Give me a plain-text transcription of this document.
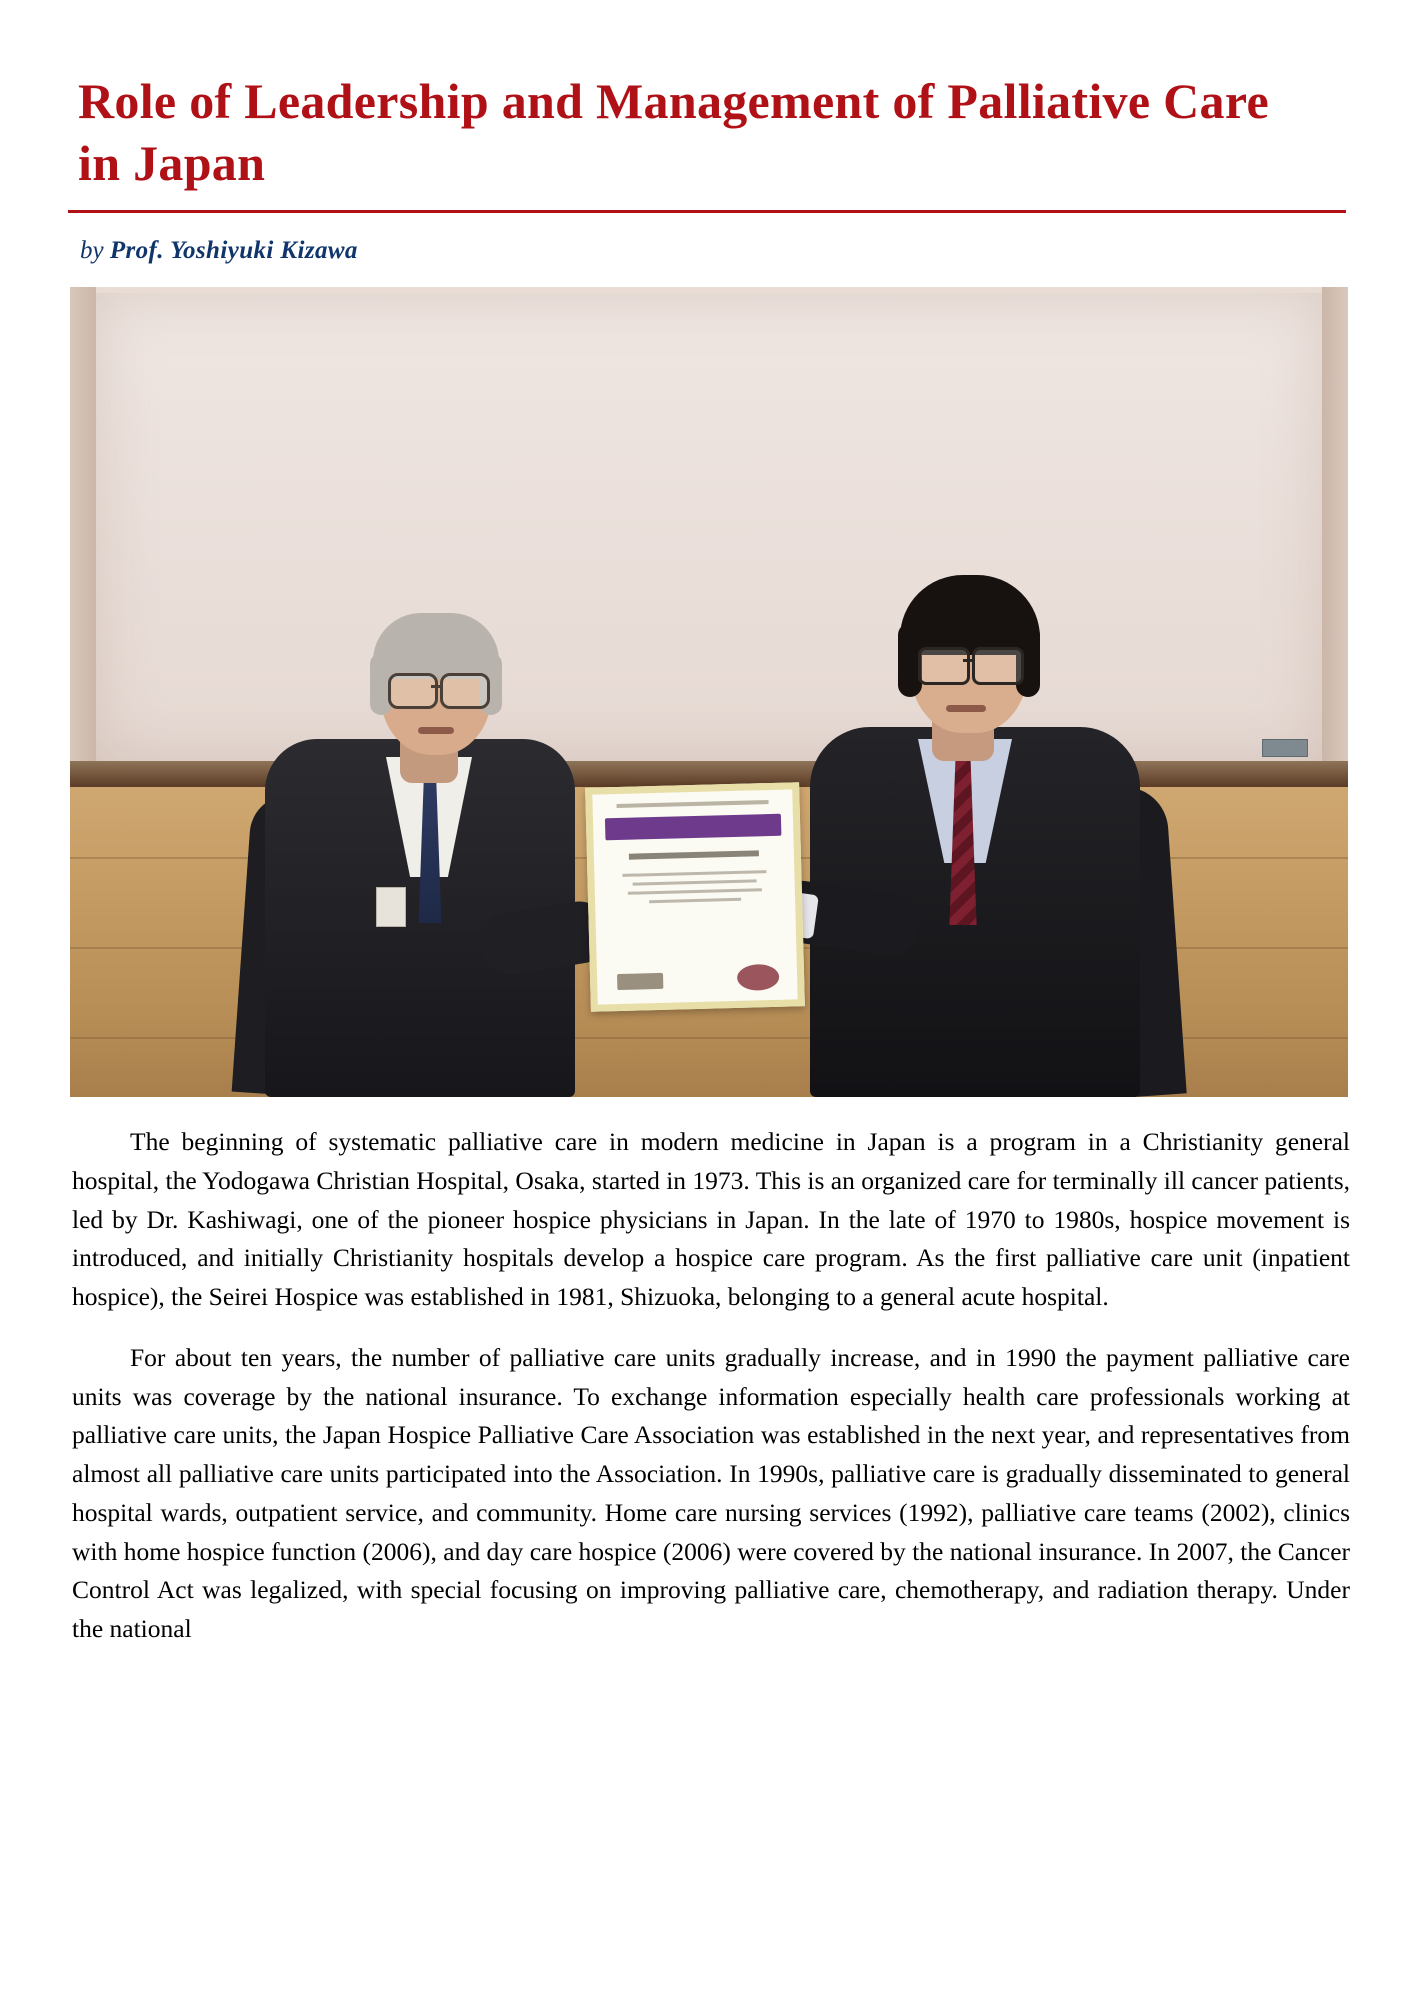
Role of Leadership and Management of Palliative Care in Japan
by Prof. Yoshiyuki Kizawa

The beginning of systematic palliative care in modern medicine in Japan is a program in a Christianity general hospital, the Yodogawa Christian Hospital, Osaka, started in 1973. This is an organized care for terminally ill cancer patients, led by Dr. Kashiwagi, one of the pioneer hospice physicians in Japan. In the late of 1970 to 1980s, hospice movement is introduced, and initially Christianity hospitals develop a hospice care program. As the first palliative care unit (inpatient hospice), the Seirei Hospice was established in 1981, Shizuoka, belonging to a general acute hospital.

For about ten years, the number of palliative care units gradually increase, and in 1990 the payment palliative care units was coverage by the national insurance. To exchange information especially health care professionals working at palliative care units, the Japan Hospice Palliative Care Association was established in the next year, and representatives from almost all palliative care units participated into the Association. In 1990s, palliative care is gradually disseminated to general hospital wards, outpatient service, and community. Home care nursing services (1992), palliative care teams (2002), clinics with home hospice function (2006), and day care hospice (2006) were covered by the national insurance. In 2007, the Cancer Control Act was legalized, with special focusing on improving palliative care, chemotherapy, and radiation therapy. Under the national
